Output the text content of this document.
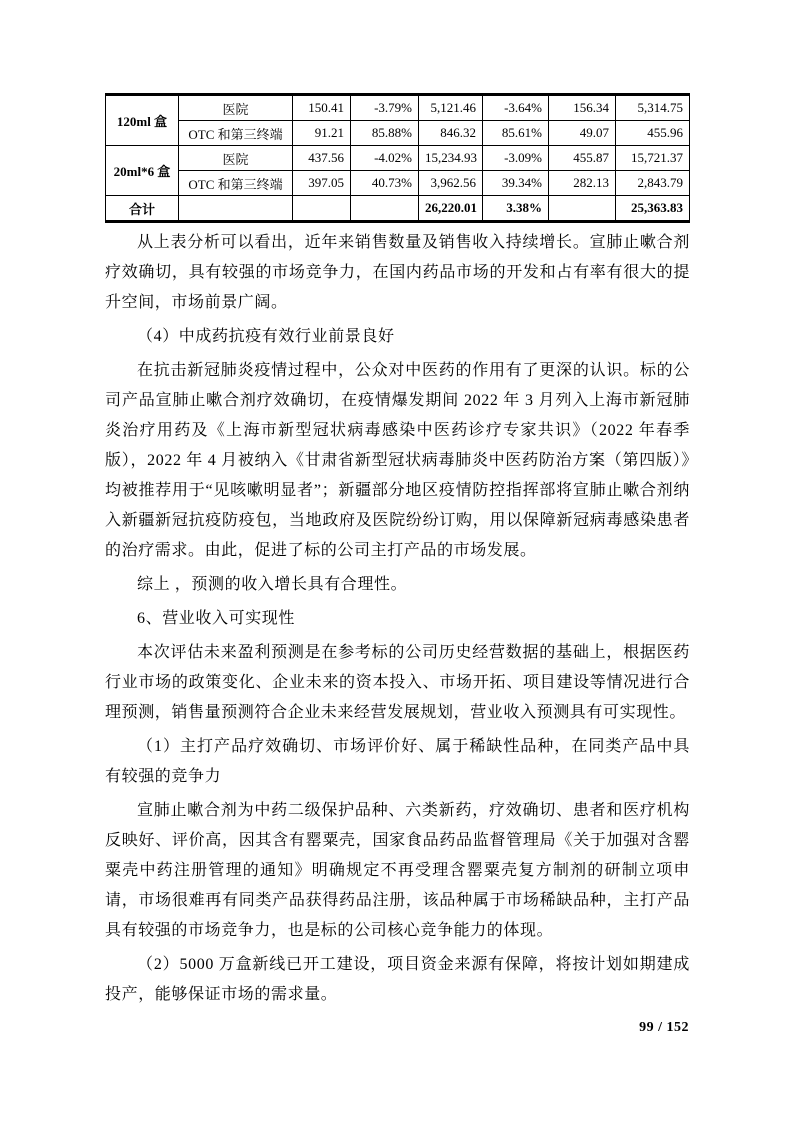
120ml 盒	医院	150.41	-3.79%	5,121.46	-3.64%	156.34	5,314.75
	OTC 和第三终端	91.21	85.88%	846.32	85.61%	49.07	455.96
20ml*6 盒	医院	437.56	-4.02%	15,234.93	-3.09%	455.87	15,721.37
	OTC 和第三终端	397.05	40.73%	3,962.56	39.34%	282.13	2,843.79
合计				26,220.01	3.38%		25,363.83

从上表分析可以看出，近年来销售数量及销售收入持续增长。宣肺止嗽合剂疗效确切，具有较强的市场竞争力，在国内药品市场的开发和占有率有很大的提升空间，市场前景广阔。

（4）中成药抗疫有效行业前景良好

在抗击新冠肺炎疫情过程中，公众对中医药的作用有了更深的认识。标的公司产品宣肺止嗽合剂疗效确切，在疫情爆发期间 2022 年 3 月列入上海市新冠肺炎治疗用药及《上海市新型冠状病毒感染中医药诊疗专家共识》（2022 年春季版），2022 年 4 月被纳入《甘肃省新型冠状病毒肺炎中医药防治方案（第四版）》均被推荐用于“见咳嗽明显者”；新疆部分地区疫情防控指挥部将宣肺止嗽合剂纳入新疆新冠抗疫防疫包，当地政府及医院纷纷订购，用以保障新冠病毒感染患者的治疗需求。由此，促进了标的公司主打产品的市场发展。

综上 ，预测的收入增长具有合理性。

6、营业收入可实现性

本次评估未来盈利预测是在参考标的公司历史经营数据的基础上，根据医药行业市场的政策变化、企业未来的资本投入、市场开拓、项目建设等情况进行合理预测，销售量预测符合企业未来经营发展规划，营业收入预测具有可实现性。

（1）主打产品疗效确切、市场评价好、属于稀缺性品种，在同类产品中具有较强的竞争力

宣肺止嗽合剂为中药二级保护品种、六类新药，疗效确切、患者和医疗机构反映好、评价高，因其含有罂粟壳，国家食品药品监督管理局《关于加强对含罂粟壳中药注册管理的通知》明确规定不再受理含罂粟壳复方制剂的研制立项申请，市场很难再有同类产品获得药品注册，该品种属于市场稀缺品种，主打产品具有较强的市场竞争力，也是标的公司核心竞争能力的体现。

（2）5000 万盒新线已开工建设，项目资金来源有保障，将按计划如期建成投产，能够保证市场的需求量。

99 / 152
